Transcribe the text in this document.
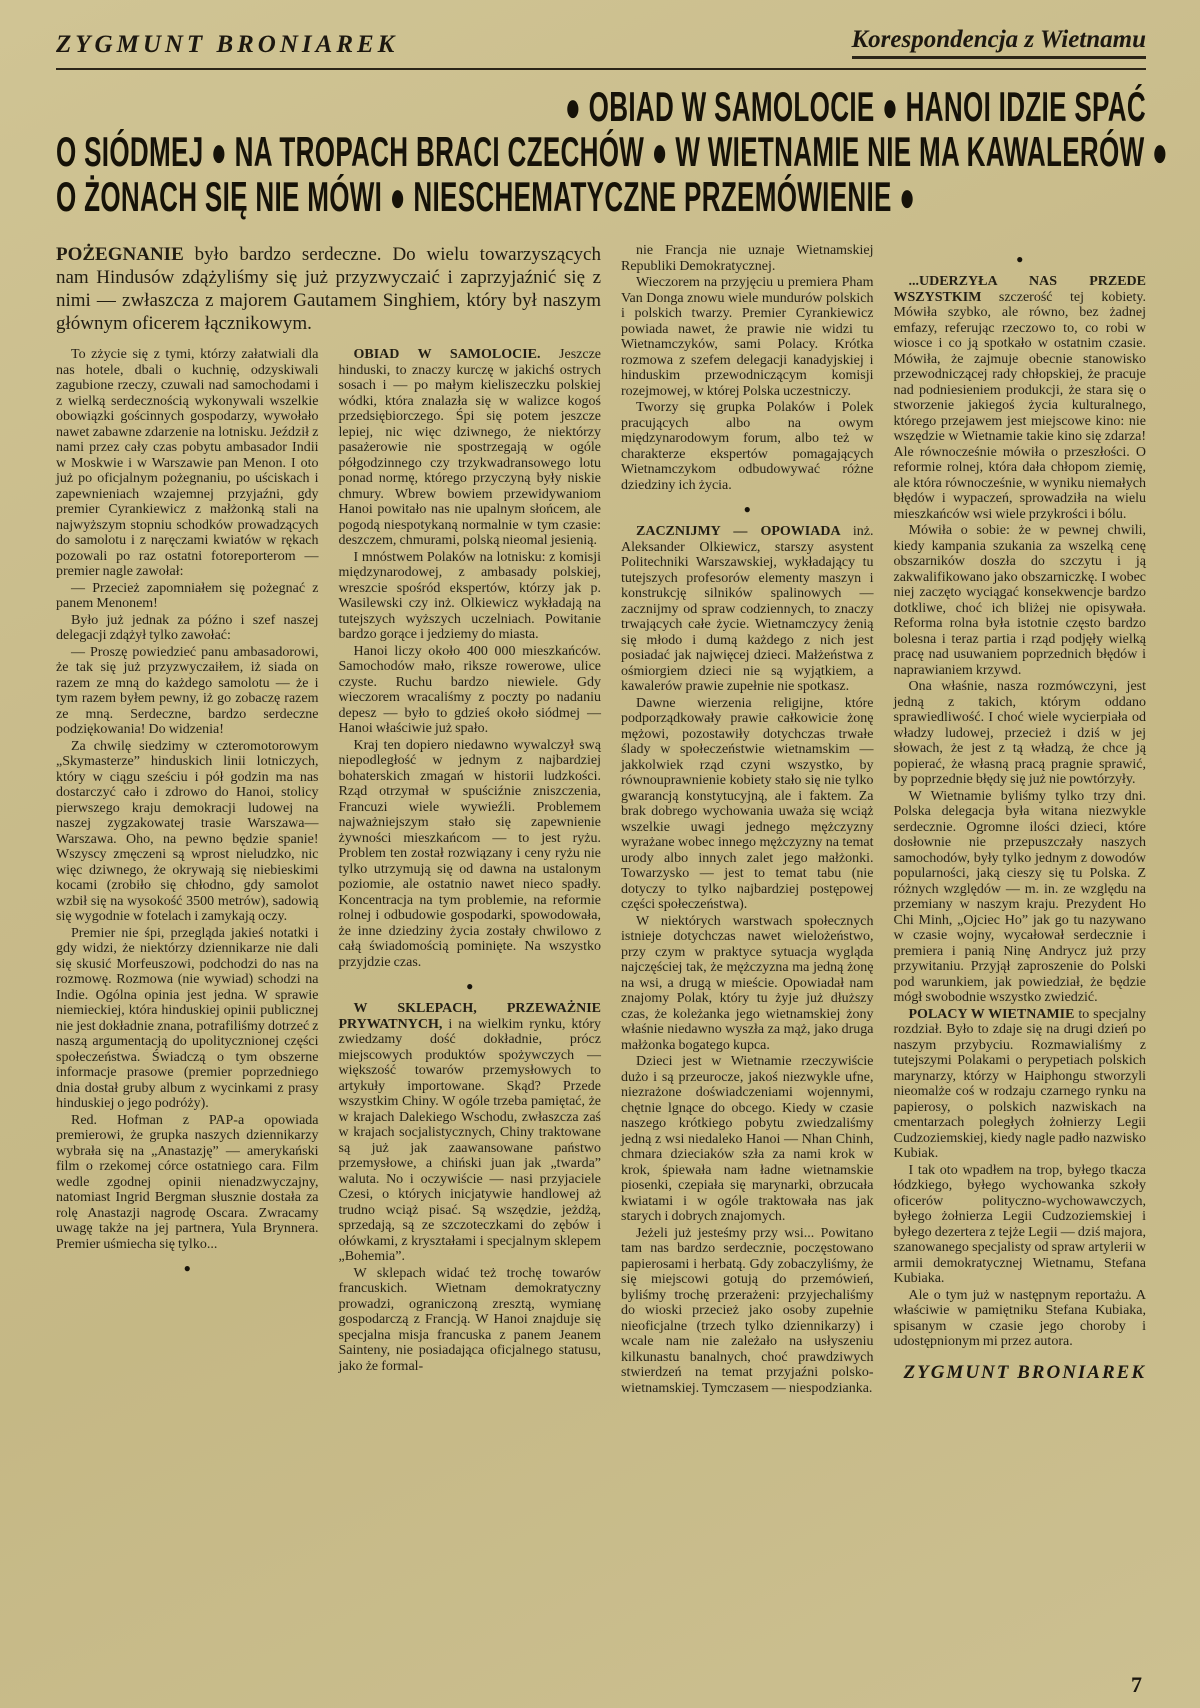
ZYGMUNT BRONIAREK	Korespondencja z Wietnamu
● OBIAD W SAMOLOCIE ● HANOI IDZIE SPAĆ
O SIÓDMEJ ● NA TROPACH BRACI CZECHÓW ● W WIETNAMIE NIE MA KAWALERÓW ●
O ŻONACH SIĘ NIE MÓWI ● NIESCHEMATYCZNE PRZEMÓWIENIE ●

POŻEGNANIE było bardzo serdeczne. Do wielu towarzyszących nam Hindusów zdążyliśmy się już przyzwyczaić i zaprzyjaźnić się z nimi — zwłaszcza z majorem Gautamem Singhiem, który był naszym głównym oficerem łącznikowym.

To zżycie się z tymi, którzy załatwiali dla nas hotele, dbali o kuchnię, odzyskiwali zagubione rzeczy, czuwali nad samochodami i z wielką serdecznością wykonywali wszelkie obowiązki gościnnych gospodarzy, wywołało nawet zabawne zdarzenie na lotnisku. Jeździł z nami przez cały czas pobytu ambasador Indii w Moskwie i w Warszawie pan Menon. I oto już po oficjalnym pożegnaniu, po uściskach i zapewnieniach wzajemnej przyjaźni, gdy premier Cyrankiewicz z małżonką stali na najwyższym stopniu schodków prowadzących do samolotu i z naręczami kwiatów w rękach pozowali po raz ostatni fotoreporterom — premier nagle zawołał:

— Przecież zapomniałem się pożegnać z panem Menonem!

Było już jednak za późno i szef naszej delegacji zdążył tylko zawołać:

— Proszę powiedzieć panu ambasadorowi, że tak się już przyzwyczaiłem, iż siada on razem ze mną do każdego samolotu — że i tym razem byłem pewny, iż go zobaczę razem ze mną. Serdeczne, bardzo serdeczne podziękowania! Do widzenia!

Za chwilę siedzimy w czteromotorowym „Skymasterze” hinduskich linii lotniczych, który w ciągu sześciu i pół godzin ma nas dostarczyć cało i zdrowo do Hanoi, stolicy pierwszego kraju demokracji ludowej na naszej zygzakowatej trasie Warszawa—Warszawa. Oho, na pewno będzie spanie! Wszyscy zmęczeni są wprost nieludzko, nic więc dziwnego, że okrywają się niebieskimi kocami (zrobiło się chłodno, gdy samolot wzbił się na wysokość 3500 metrów), sadowią się wygodnie w fotelach i zamykają oczy.

Premier nie śpi, przegląda jakieś notatki i gdy widzi, że niektórzy dziennikarze nie dali się skusić Morfeuszowi, podchodzi do nas na rozmowę. Rozmowa (nie wywiad) schodzi na Indie. Ogólna opinia jest jedna. W sprawie niemieckiej, która hinduskiej opinii publicznej nie jest dokładnie znana, potrafiliśmy dotrzeć z naszą argumentacją do upolitycznionej części społeczeństwa. Świadczą o tym obszerne informacje prasowe (premier poprzedniego dnia dostał gruby album z wycinkami z prasy hinduskiej o jego podróży).

Red. Hofman z PAP-a opowiada premierowi, że grupka naszych dziennikarzy wybrała się na „Anastazję” — amerykański film o rzekomej córce ostatniego cara. Film wedle zgodnej opinii nienadzwyczajny, natomiast Ingrid Bergman słusznie dostała za rolę Anastazji nagrodę Oscara. Zwracamy uwagę także na jej partnera, Yula Brynnera. Premier uśmiecha się tylko...

●

OBIAD W SAMOLOCIE. Jeszcze hinduski, to znaczy kurczę w jakichś ostrych sosach i — po małym kieliszeczku polskiej wódki, która znalazła się w walizce kogoś przedsiębiorczego. Śpi się potem jeszcze lepiej, nic więc dziwnego, że niektórzy pasażerowie nie spostrzegają w ogóle półgodzinnego czy trzykwadransowego lotu ponad normę, którego przyczyną były niskie chmury. Wbrew bowiem przewidywaniom Hanoi powitało nas nie upalnym słońcem, ale pogodą niespotykaną normalnie w tym czasie: deszczem, chmurami, polską nieomal jesienią.

I mnóstwem Polaków na lotnisku: z komisji międzynarodowej, z ambasady polskiej, wreszcie spośród ekspertów, którzy jak p. Wasilewski czy inż. Olkiewicz wykładają na tutejszych wyższych uczelniach. Powitanie bardzo gorące i jedziemy do miasta.

Hanoi liczy około 400 000 mieszkańców. Samochodów mało, riksze rowerowe, ulice czyste. Ruchu bardzo niewiele. Gdy wieczorem wracaliśmy z poczty po nadaniu depesz — było to gdzieś około siódmej — Hanoi właściwie już spało.

Kraj ten dopiero niedawno wywalczył swą niepodległość w jednym z najbardziej bohaterskich zmagań w historii ludzkości. Rząd otrzymał w spuściźnie zniszczenia, Francuzi wiele wywieźli. Problemem najważniejszym stało się zapewnienie żywności mieszkańcom — to jest ryżu. Problem ten został rozwiązany i ceny ryżu nie tylko utrzymują się od dawna na ustalonym poziomie, ale ostatnio nawet nieco spadły. Koncentracja na tym problemie, na reformie rolnej i odbudowie gospodarki, spowodowała, że inne dziedziny życia zostały chwilowo z całą świadomością pominięte. Na wszystko przyjdzie czas.

●

W SKLEPACH, PRZEWAŻNIE PRYWATNYCH, i na wielkim rynku, który zwiedzamy dość dokładnie, prócz miejscowych produktów spożywczych — większość towarów przemysłowych to artykuły importowane. Skąd? Przede wszystkim Chiny. W ogóle trzeba pamiętać, że w krajach Dalekiego Wschodu, zwłaszcza zaś w krajach socjalistycznych, Chiny traktowane są już jak zaawansowane państwo przemysłowe, a chiński juan jak „twarda” waluta. No i oczywiście — nasi przyjaciele Czesi, o których inicjatywie handlowej aż trudno wciąż pisać. Są wszędzie, jeżdżą, sprzedają, są ze szczoteczkami do zębów i ołówkami, z kryształami i specjalnym sklepem „Bohemia”.

W sklepach widać też trochę towarów francuskich. Wietnam demokratyczny prowadzi, ograniczoną zresztą, wymianę gospodarczą z Francją. W Hanoi znajduje się specjalna misja francuska z panem Jeanem Sainteny, nie posiadająca oficjalnego statusu, jako że formal-

nie Francja nie uznaje Wietnamskiej Republiki Demokratycznej.

Wieczorem na przyjęciu u premiera Pham Van Donga znowu wiele mundurów polskich i polskich twarzy. Premier Cyrankiewicz powiada nawet, że prawie nie widzi tu Wietnamczyków, sami Polacy. Krótka rozmowa z szefem delegacji kanadyjskiej i hinduskim przewodniczącym komisji rozejmowej, w której Polska uczestniczy.

Tworzy się grupka Polaków i Polek pracujących albo na owym międzynarodowym forum, albo też w charakterze ekspertów pomagających Wietnamczykom odbudowywać różne dziedziny ich życia.

●

ZACZNIJMY — OPOWIADA inż. Aleksander Olkiewicz, starszy asystent Politechniki Warszawskiej, wykładający tu tutejszych profesorów elementy maszyn i konstrukcję silników spalinowych — zacznijmy od spraw codziennych, to znaczy trwających całe życie. Wietnamczycy żenią się młodo i dumą każdego z nich jest posiadać jak najwięcej dzieci. Małżeństwa z ośmiorgiem dzieci nie są wyjątkiem, a kawalerów prawie zupełnie nie spotkasz.

Dawne wierzenia religijne, które podporządkowały prawie całkowicie żonę mężowi, pozostawiły dotychczas trwałe ślady w społeczeństwie wietnamskim — jakkolwiek rząd czyni wszystko, by równouprawnienie kobiety stało się nie tylko gwarancją konstytucyjną, ale i faktem. Za brak dobrego wychowania uważa się wciąż wszelkie uwagi jednego mężczyzny wyrażane wobec innego mężczyzny na temat urody albo innych zalet jego małżonki. Towarzysko — jest to temat tabu (nie dotyczy to tylko najbardziej postępowej części społeczeństwa).

W niektórych warstwach społecznych istnieje dotychczas nawet wielożeństwo, przy czym w praktyce sytuacja wygląda najczęściej tak, że mężczyzna ma jedną żonę na wsi, a drugą w mieście. Opowiadał nam znajomy Polak, który tu żyje już dłuższy czas, że koleżanka jego wietnamskiej żony właśnie niedawno wyszła za mąż, jako druga małżonka bogatego kupca.

Dzieci jest w Wietnamie rzeczywiście dużo i są przeurocze, jakoś niezwykle ufne, niezrażone doświadczeniami wojennymi, chętnie lgnące do obcego. Kiedy w czasie naszego krótkiego pobytu zwiedzaliśmy jedną z wsi niedaleko Hanoi — Nhan Chinh, chmara dzieciaków szła za nami krok w krok, śpiewała nam ładne wietnamskie piosenki, czepiała się marynarki, obrzucała kwiatami i w ogóle traktowała nas jak starych i dobrych znajomych.

Jeżeli już jesteśmy przy wsi... Powitano tam nas bardzo serdecznie, poczęstowano papierosami i herbatą. Gdy zobaczyliśmy, że się miejscowi gotują do przemówień, byliśmy trochę przerażeni: przyjechaliśmy do wioski przecież jako osoby zupełnie nieoficjalne (trzech tylko dziennikarzy) i wcale nam nie zależało na usłyszeniu kilkunastu banalnych, choć prawdziwych stwierdzeń na temat przyjaźni polsko-wietnamskiej. Tymczasem — niespodzianka.

●

...UDERZYŁA NAS PRZEDE WSZYSTKIM szczerość tej kobiety. Mówiła szybko, ale równo, bez żadnej emfazy, referując rzeczowo to, co robi w wiosce i co ją spotkało w ostatnim czasie. Mówiła, że zajmuje obecnie stanowisko przewodniczącej rady chłopskiej, że pracuje nad podniesieniem produkcji, że stara się o stworzenie jakiegoś życia kulturalnego, którego przejawem jest miejscowe kino: nie wszędzie w Wietnamie takie kino się zdarza! Ale równocześnie mówiła o przeszłości. O reformie rolnej, która dała chłopom ziemię, ale która równocześnie, w wyniku niemałych błędów i wypaczeń, sprowadziła na wielu mieszkańców wsi wiele przykrości i bólu.

Mówiła o sobie: że w pewnej chwili, kiedy kampania szukania za wszelką cenę obszarników doszła do szczytu i ją zakwalifikowano jako obszarniczkę. I wobec niej zaczęto wyciągać konsekwencje bardzo dotkliwe, choć ich bliżej nie opisywała. Reforma rolna była istotnie często bardzo bolesna i teraz partia i rząd podjęły wielką pracę nad usuwaniem poprzednich błędów i naprawianiem krzywd.

Ona właśnie, nasza rozmówczyni, jest jedną z takich, którym oddano sprawiedliwość. I choć wiele wycierpiała od władzy ludowej, przecież i dziś w jej słowach, że jest z tą władzą, że chce ją popierać, że własną pracą pragnie sprawić, by poprzednie błędy się już nie powtórzyły.

W Wietnamie byliśmy tylko trzy dni. Polska delegacja była witana niezwykle serdecznie. Ogromne ilości dzieci, które dosłownie nie przepuszczały naszych samochodów, były tylko jednym z dowodów popularności, jaką cieszy się tu Polska. Z różnych względów — m. in. ze względu na przemiany w naszym kraju. Prezydent Ho Chi Minh, „Ojciec Ho” jak go tu nazywano w czasie wojny, wycałował serdecznie i premiera i panią Ninę Andrycz już przy przywitaniu. Przyjął zaproszenie do Polski pod warunkiem, jak powiedział, że będzie mógł swobodnie wszystko zwiedzić.

POLACY W WIETNAMIE to specjalny rozdział. Było to zdaje się na drugi dzień po naszym przybyciu. Rozmawialiśmy z tutejszymi Polakami o perypetiach polskich marynarzy, którzy w Haiphongu stworzyli nieomalże coś w rodzaju czarnego rynku na papierosy, o polskich nazwiskach na cmentarzach poległych żołnierzy Legii Cudzoziemskiej, kiedy nagle padło nazwisko Kubiak.

I tak oto wpadłem na trop, byłego tkacza łódzkiego, byłego wychowanka szkoły oficerów polityczno-wychowawczych, byłego żołnierza Legii Cudzoziemskiej i byłego dezertera z tejże Legii — dziś majora, szanowanego specjalisty od spraw artylerii w armii demokratycznej Wietnamu, Stefana Kubiaka.

Ale o tym już w następnym reportażu. A właściwie w pamiętniku Stefana Kubiaka, spisanym w czasie jego choroby i udostępnionym mi przez autora.

ZYGMUNT BRONIAREK
7
